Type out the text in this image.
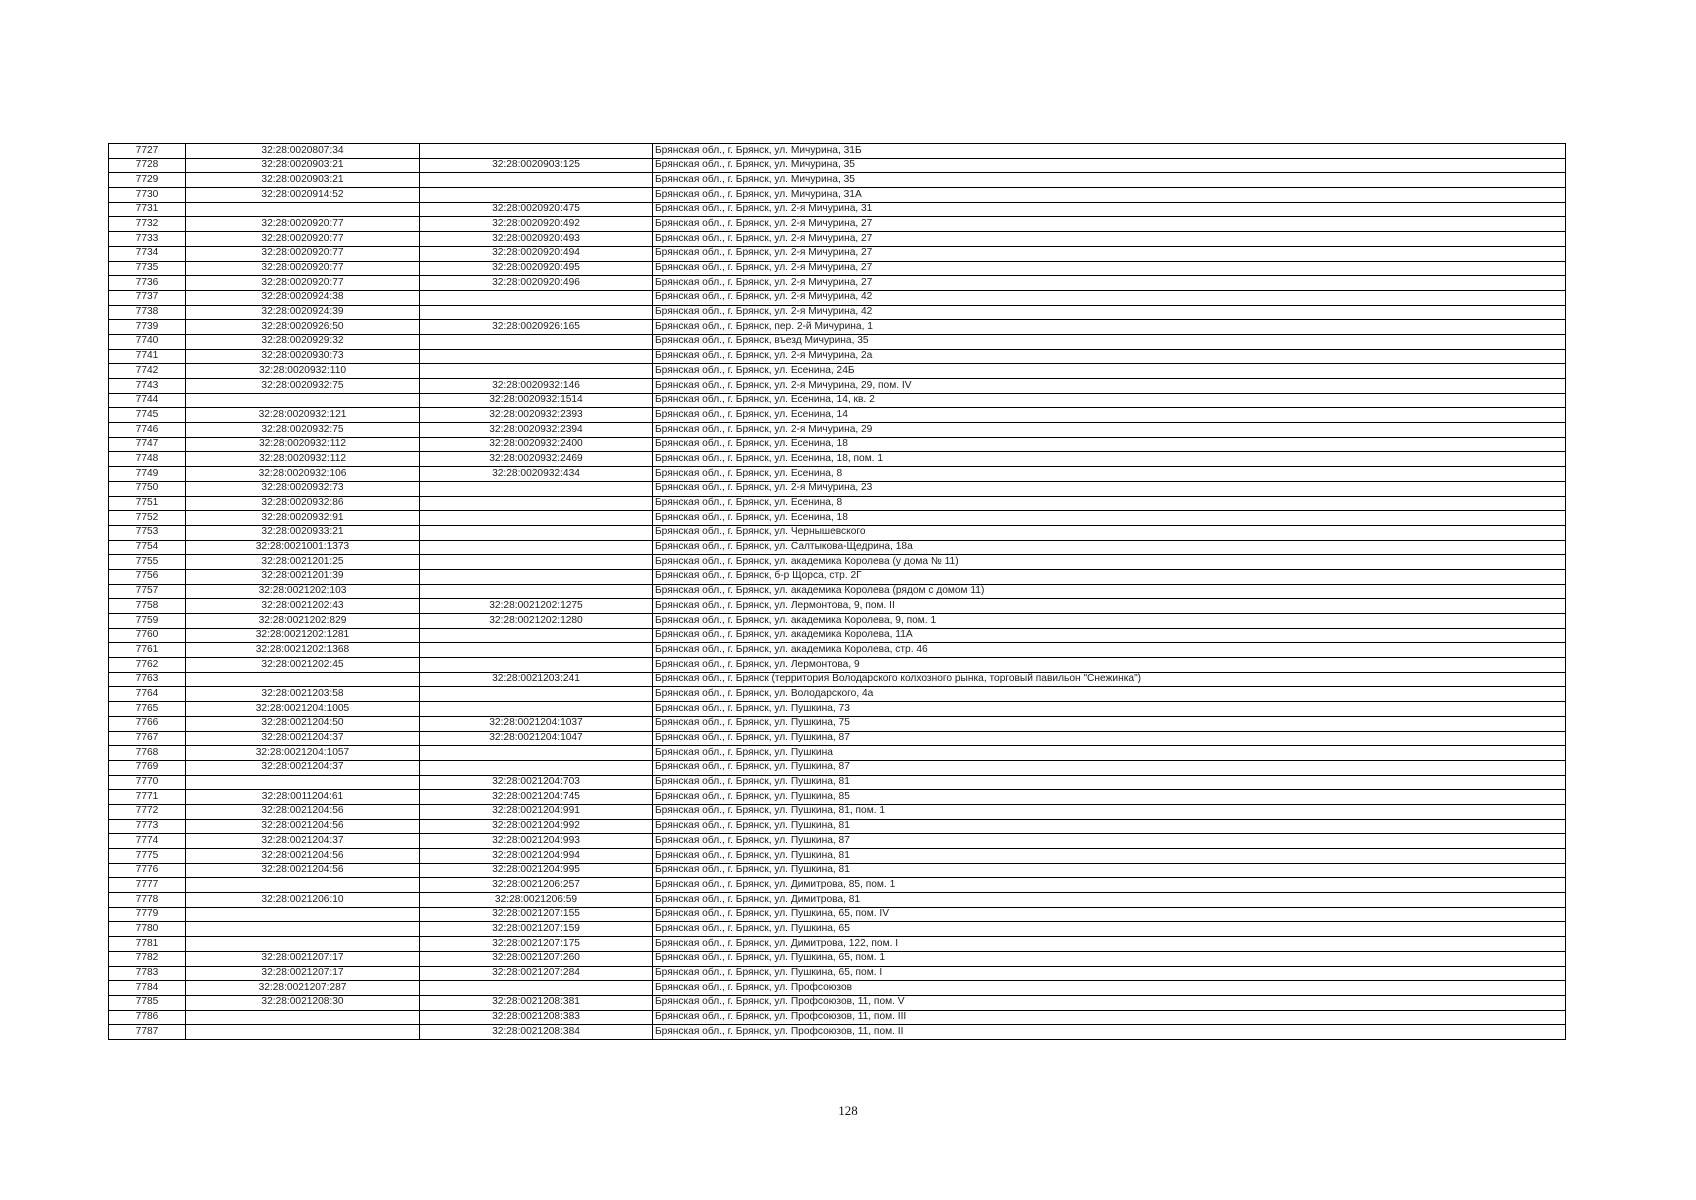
7727	32:28:0020807:34		Брянская обл., г. Брянск, ул. Мичурина, 31Б
7728	32:28:0020903:21	32:28:0020903:125	Брянская обл., г. Брянск, ул. Мичурина, 35
7729	32:28:0020903:21		Брянская обл., г. Брянск, ул. Мичурина, 35
7730	32:28:0020914:52		Брянская обл., г. Брянск, ул. Мичурина, 31А
7731		32:28:0020920:475	Брянская обл., г. Брянск, ул. 2-я Мичурина, 31
7732	32:28:0020920:77	32:28:0020920:492	Брянская обл., г. Брянск, ул. 2-я Мичурина, 27
7733	32:28:0020920:77	32:28:0020920:493	Брянская обл., г. Брянск, ул. 2-я Мичурина, 27
7734	32:28:0020920:77	32:28:0020920:494	Брянская обл., г. Брянск, ул. 2-я Мичурина, 27
7735	32:28:0020920:77	32:28:0020920:495	Брянская обл., г. Брянск, ул. 2-я Мичурина, 27
7736	32:28:0020920:77	32:28:0020920:496	Брянская обл., г. Брянск, ул. 2-я Мичурина, 27
7737	32:28:0020924:38		Брянская обл., г. Брянск, ул. 2-я Мичурина, 42
7738	32:28:0020924:39		Брянская обл., г. Брянск, ул. 2-я Мичурина, 42
7739	32:28:0020926:50	32:28:0020926:165	Брянская обл., г. Брянск, пер. 2-й Мичурина, 1
7740	32:28:0020929:32		Брянская обл., г. Брянск, въезд Мичурина, 35
7741	32:28:0020930:73		Брянская обл., г. Брянск, ул. 2-я Мичурина, 2а
7742	32:28:0020932:110		Брянская обл., г. Брянск, ул. Есенина, 24Б
7743	32:28:0020932:75	32:28:0020932:146	Брянская обл., г. Брянск, ул. 2-я Мичурина, 29, пом. IV
7744		32:28:0020932:1514	Брянская обл., г. Брянск, ул. Есенина, 14, кв. 2
7745	32:28:0020932:121	32:28:0020932:2393	Брянская обл., г. Брянск, ул. Есенина, 14
7746	32:28:0020932:75	32:28:0020932:2394	Брянская обл., г. Брянск, ул. 2-я Мичурина, 29
7747	32:28:0020932:112	32:28:0020932:2400	Брянская обл., г. Брянск, ул. Есенина, 18
7748	32:28:0020932:112	32:28:0020932:2469	Брянская обл., г. Брянск, ул. Есенина, 18, пом. 1
7749	32:28:0020932:106	32:28:0020932:434	Брянская обл., г. Брянск, ул. Есенина, 8
7750	32:28:0020932:73		Брянская обл., г. Брянск, ул. 2-я Мичурина, 23
7751	32:28:0020932:86		Брянская обл., г. Брянск, ул. Есенина, 8
7752	32:28:0020932:91		Брянская обл., г. Брянск, ул. Есенина, 18
7753	32:28:0020933:21		Брянская обл., г. Брянск, ул. Чернышевского
7754	32:28:0021001:1373		Брянская обл., г. Брянск, ул. Салтыкова-Щедрина, 18а
7755	32:28:0021201:25		Брянская обл., г. Брянск, ул. академика Королева (у дома № 11)
7756	32:28:0021201:39		Брянская обл., г. Брянск, б-р Щорса, стр. 2Г
7757	32:28:0021202:103		Брянская обл., г. Брянск, ул. академика Королева (рядом с домом 11)
7758	32:28:0021202:43	32:28:0021202:1275	Брянская обл., г. Брянск, ул. Лермонтова, 9, пом. II
7759	32:28:0021202:829	32:28:0021202:1280	Брянская обл., г. Брянск, ул. академика Королева, 9, пом. 1
7760	32:28:0021202:1281		Брянская обл., г. Брянск, ул. академика Королева, 11А
7761	32:28:0021202:1368		Брянская обл., г. Брянск, ул. академика Королева, стр. 46
7762	32:28:0021202:45		Брянская обл., г. Брянск, ул. Лермонтова, 9
7763		32:28:0021203:241	Брянская обл., г. Брянск (территория Володарского колхозного рынка, торговый павильон "Снежинка")
7764	32:28:0021203:58		Брянская обл., г. Брянск, ул. Володарского, 4а
7765	32:28:0021204:1005		Брянская обл., г. Брянск, ул. Пушкина, 73
7766	32:28:0021204:50	32:28:0021204:1037	Брянская обл., г. Брянск, ул. Пушкина, 75
7767	32:28:0021204:37	32:28:0021204:1047	Брянская обл., г. Брянск, ул. Пушкина, 87
7768	32:28:0021204:1057		Брянская обл., г. Брянск, ул. Пушкина
7769	32:28:0021204:37		Брянская обл., г. Брянск, ул. Пушкина, 87
7770		32:28:0021204:703	Брянская обл., г. Брянск, ул. Пушкина, 81
7771	32:28:0011204:61	32:28:0021204:745	Брянская обл., г. Брянск, ул. Пушкина, 85
7772	32:28:0021204:56	32:28:0021204:991	Брянская обл., г. Брянск, ул. Пушкина, 81, пом. 1
7773	32:28:0021204:56	32:28:0021204:992	Брянская обл., г. Брянск, ул. Пушкина, 81
7774	32:28:0021204:37	32:28:0021204:993	Брянская обл., г. Брянск, ул. Пушкина, 87
7775	32:28:0021204:56	32:28:0021204:994	Брянская обл., г. Брянск, ул. Пушкина, 81
7776	32:28:0021204:56	32:28:0021204:995	Брянская обл., г. Брянск, ул. Пушкина, 81
7777		32:28:0021206:257	Брянская обл., г. Брянск, ул. Димитрова, 85, пом. 1
7778	32:28:0021206:10	32:28:0021206:59	Брянская обл., г. Брянск, ул. Димитрова, 81
7779		32:28:0021207:155	Брянская обл., г. Брянск, ул. Пушкина, 65, пом. IV
7780		32:28:0021207:159	Брянская обл., г. Брянск, ул. Пушкина, 65
7781		32:28:0021207:175	Брянская обл., г. Брянск, ул. Димитрова, 122, пом. I
7782	32:28:0021207:17	32:28:0021207:260	Брянская обл., г. Брянск, ул. Пушкина, 65, пом. 1
7783	32:28:0021207:17	32:28:0021207:284	Брянская обл., г. Брянск, ул. Пушкина, 65, пом. I
7784	32:28:0021207:287		Брянская обл., г. Брянск, ул. Профсоюзов
7785	32:28:0021208:30	32:28:0021208:381	Брянская обл., г. Брянск, ул. Профсоюзов, 11, пом. V
7786		32:28:0021208:383	Брянская обл., г. Брянск, ул. Профсоюзов, 11, пом. III
7787		32:28:0021208:384	Брянская обл., г. Брянск, ул. Профсоюзов, 11, пом. II
128
